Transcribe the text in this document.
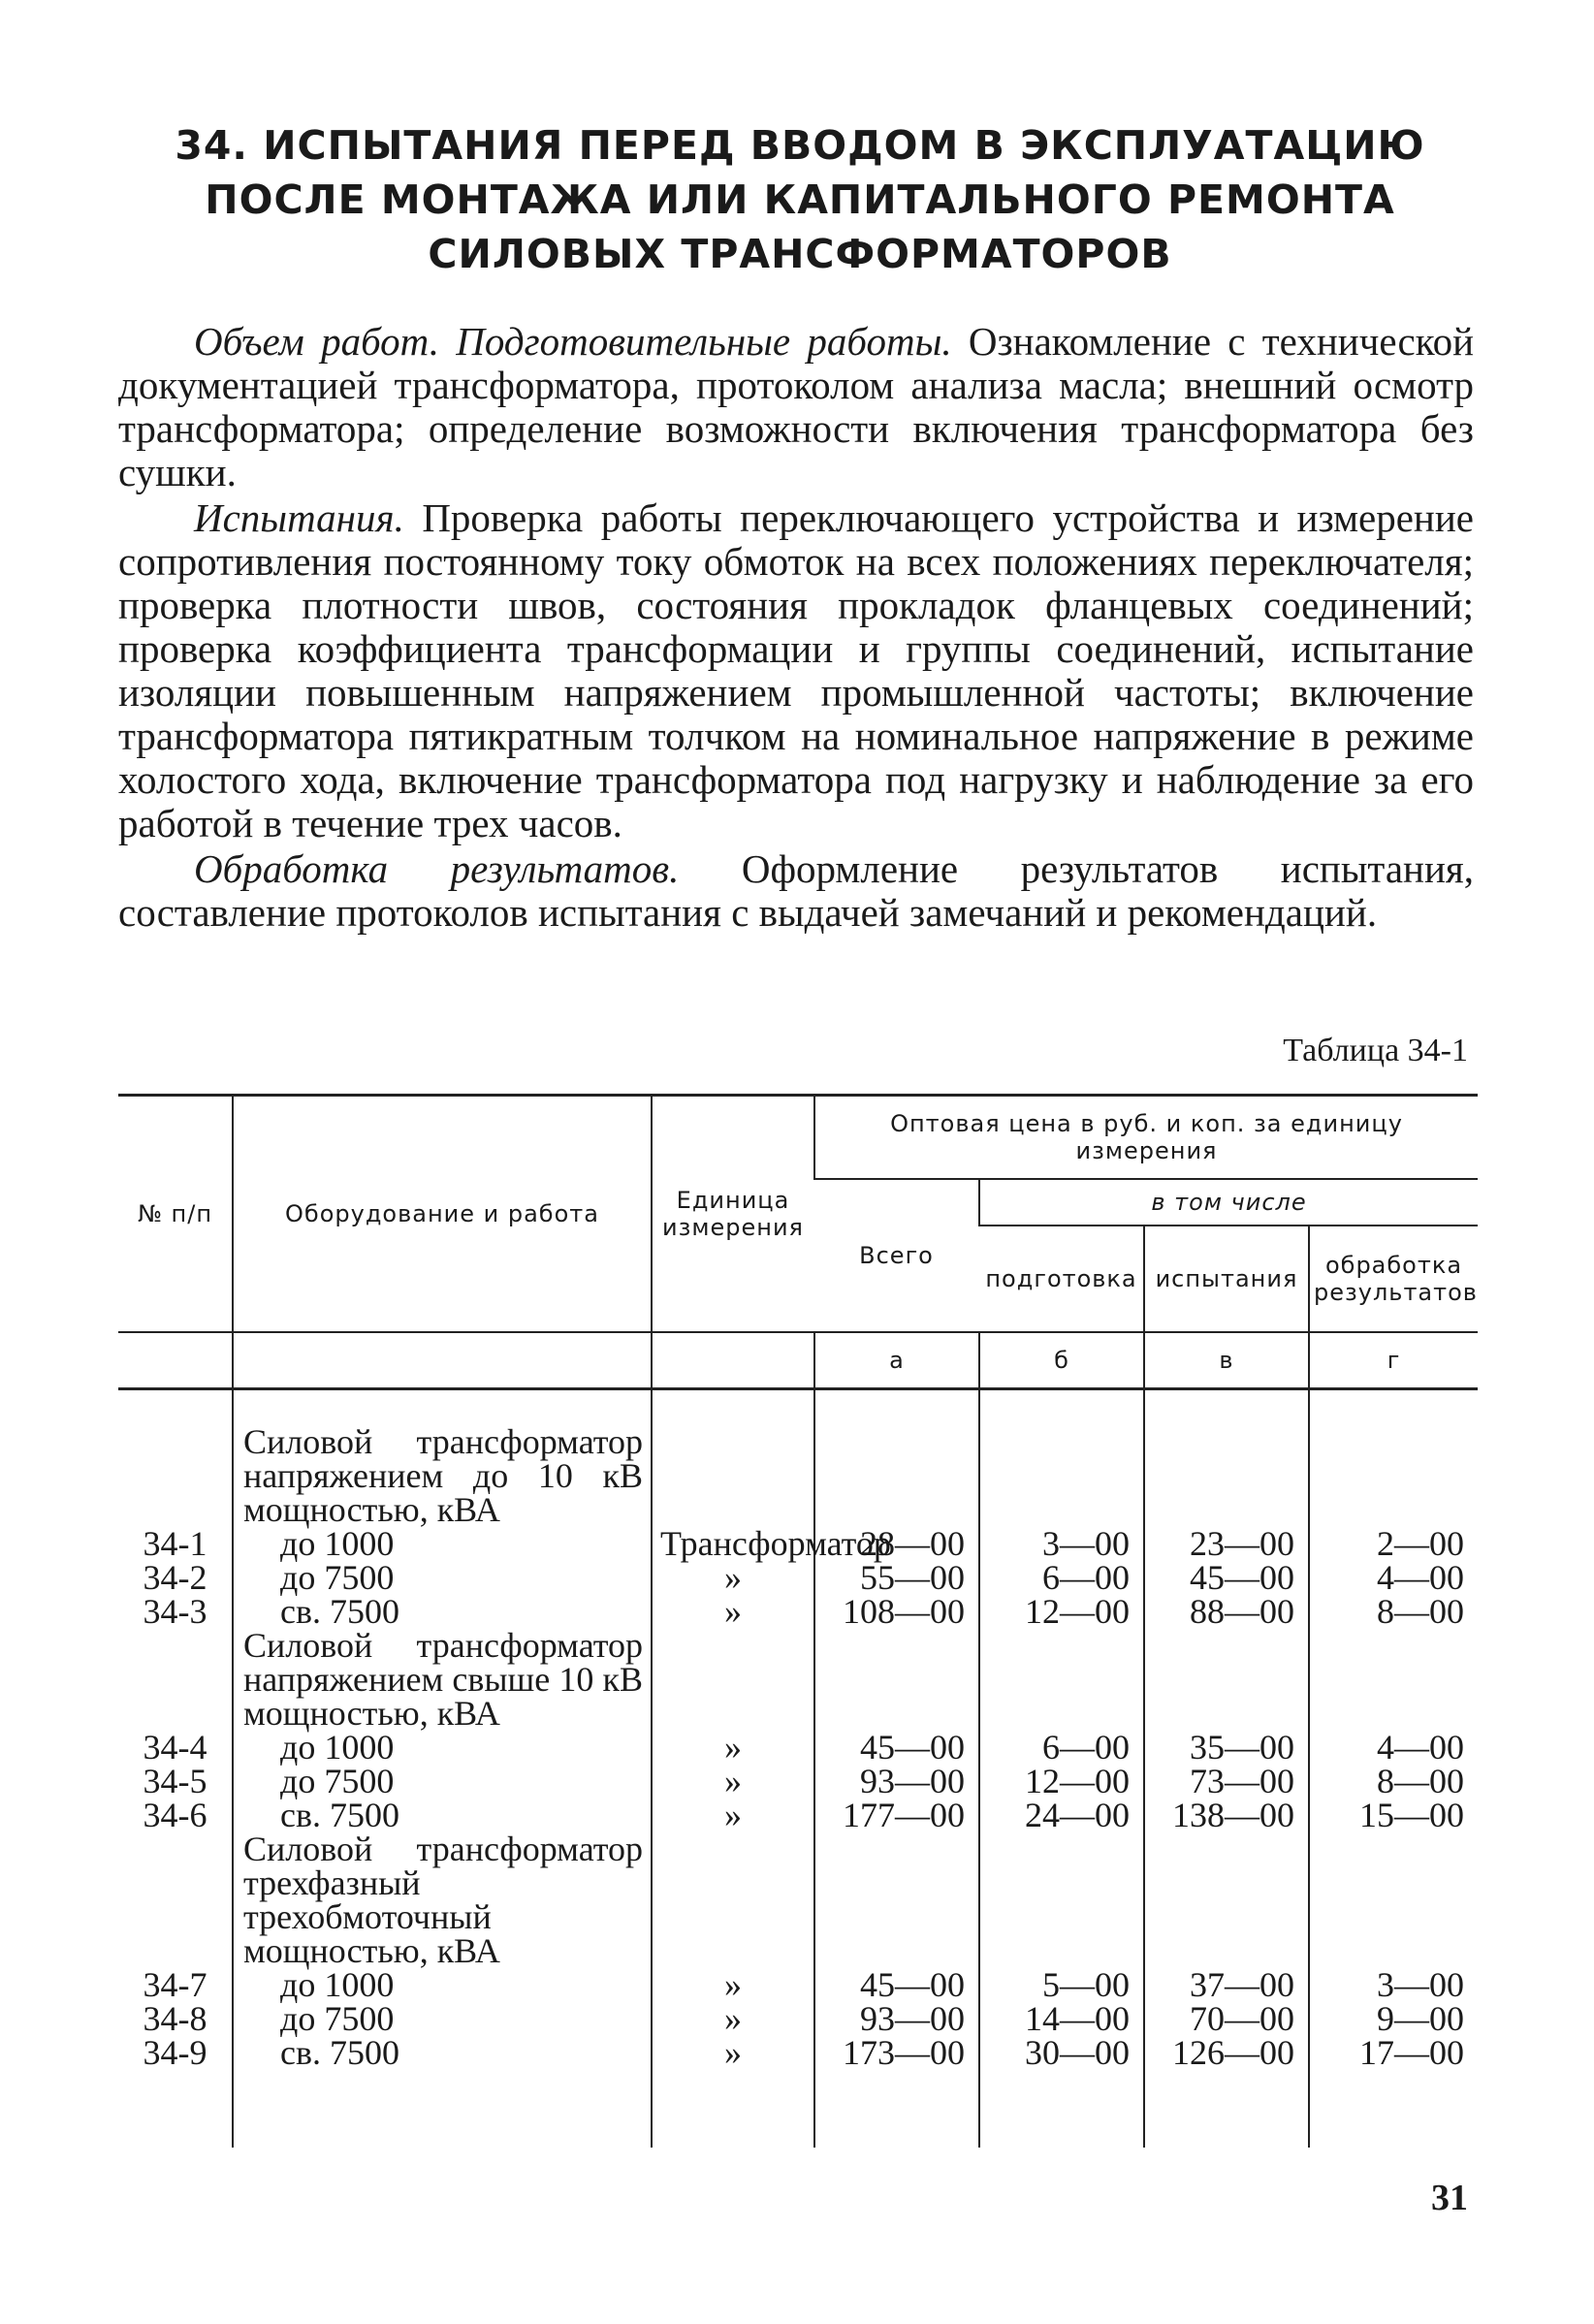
34. ИСПЫТАНИЯ ПЕРЕД ВВОДОМ В ЭКСПЛУАТАЦИЮ
ПОСЛЕ МОНТАЖА ИЛИ КАПИТАЛЬНОГО РЕМОНТА
СИЛОВЫХ ТРАНСФОРМАТОРОВ

Объем работ. Подготовительные работы. Ознакомление с технической документацией трансформатора, протоколом анализа масла; внешний осмотр трансформатора; определение возможности включения трансформатора без сушки.

Испытания. Проверка работы переключающего устройства и измерение сопротивления постоянному току обмоток на всех положениях переключателя; проверка плотности швов, состояния прокладок фланцевых соединений; проверка коэффициента трансформации и группы соединений, испытание изоляции повышенным напряжением промышленной частоты; включение трансформатора пятикратным толчком на номинальное напряжение в режиме холостого хода, включение трансформатора под нагрузку и наблюдение за его работой в течение трех часов.

Обработка результатов. Оформление результатов испытания, составление протоколов испытания с выдачей замечаний и рекомендаций.

Таблица 34-1
№ п/п	Оборудование и работа	Единица измерения	Оптовая цена в руб. и коп. за единицу измерения			
			Всего	в том числе		
				подготовка	испытания	обработка результатов
			а	б	в	г

	Силовой трансформатор напряжением до 10 кВ мощностью, кВА					
34-1	до 1000	Трансформатор	28—00	3—00	23—00	2—00
34-2	до 7500	»	55—00	6—00	45—00	4—00
34-3	св. 7500	»	108—00	12—00	88—00	8—00
	Силовой трансформатор напряжением свыше 10 кВ мощностью, кВА					
34-4	до 1000	»	45—00	6—00	35—00	4—00
34-5	до 7500	»	93—00	12—00	73—00	8—00
34-6	св. 7500	»	177—00	24—00	138—00	15—00
	Силовой трансформатор трехфазный трехобмоточный мощностью, кВА					
34-7	до 1000	»	45—00	5—00	37—00	3—00
34-8	до 7500	»	93—00	14—00	70—00	9—00
34-9	св. 7500	»	173—00	30—00	126—00	17—00

31
